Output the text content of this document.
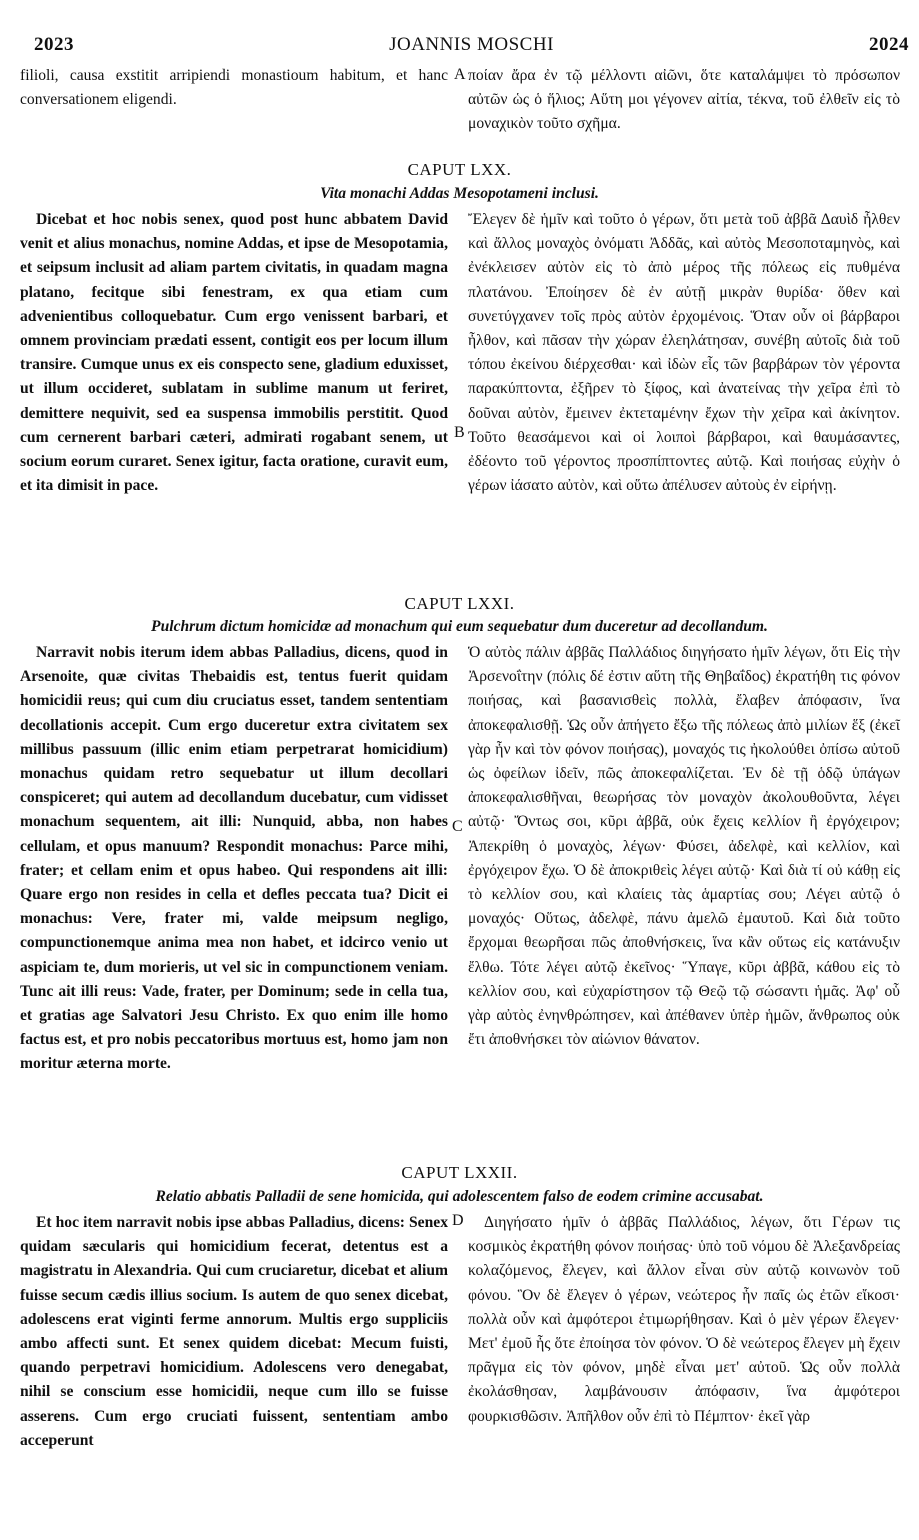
2023	JOANNIS MOSCHI	2024

filioli, causa exstitit arripiendi monastioum habitum, et hanc conversationem eligendi.

ποίαν ἄρα ἐν τῷ μέλλοντι αἰῶνι, ὅτε καταλάμψει τὸ πρόσωπον αὐτῶν ὡς ὁ ἥλιος; Αὕτη μοι γέγονεν αἰτία, τέκνα, τοῦ ἐλθεῖν εἰς τὸ μοναχικὸν τοῦτο σχῆμα.

A
CAPUT LXX.
Vita monachi Addas Mesopotameni inclusi.

Dicebat et hoc nobis senex, quod post hunc abbatem David venit et alius monachus, nomine Addas, et ipse de Mesopotamia, et seipsum inclusit ad aliam partem civitatis, in quadam magna platano, fecitque sibi fenestram, ex qua etiam cum advenientibus colloquebatur. Cum ergo venissent barbari, et omnem provinciam prædati essent, contigit eos per locum illum transire. Cumque unus ex eis conspecto sene, gladium eduxisset, ut illum occideret, sublatam in sublime manum ut feriret, demittere nequivit, sed ea suspensa immobilis perstitit. Quod cum cernerent barbari cæteri, admirati rogabant senem, ut socium eorum curaret. Senex igitur, facta oratione, curavit eum, et ita dimisit in pace.

Ἔλεγεν δὲ ἡμῖν καὶ τοῦτο ὁ γέρων, ὅτι μετὰ τοῦ ἀββᾶ Δαυὶδ ἦλθεν καὶ ἄλλος μοναχὸς ὀνόματι Ἀδδᾶς, καὶ αὐτὸς Μεσοποταμηνὸς, καὶ ἐνέκλεισεν αὐτὸν εἰς τὸ ἀπὸ μέρος τῆς πόλεως εἰς πυθμένα πλατάνου. Ἐποίησεν δὲ ἐν αὐτῇ μικρὰν θυρίδα· ὅθεν καὶ συνετύγχανεν τοῖς πρὸς αὐτὸν ἐρχομένοις. Ὅταν οὖν οἱ βάρβαροι ἦλθον, καὶ πᾶσαν τὴν χώραν ἐλεηλάτησαν, συνέβη αὐτοῖς διὰ τοῦ τόπου ἐκείνου διέρχεσθαι· καὶ ἰδὼν εἷς τῶν βαρβάρων τὸν γέροντα παρακύπτοντα, ἐξῆρεν τὸ ξίφος, καὶ ἀνατείνας τὴν χεῖρα ἐπὶ τὸ δοῦναι αὐτὸν, ἔμεινεν ἐκτεταμένην ἔχων τὴν χεῖρα καὶ ἀκίνητον. Τοῦτο θεασάμενοι καὶ οἱ λοιποὶ βάρβαροι, καὶ θαυμάσαντες, ἐδέοντο τοῦ γέροντος προσπίπτοντες αὐτῷ. Καὶ ποιήσας εὐχὴν ὁ γέρων ἰάσατο αὐτὸν, καὶ οὕτω ἀπέλυσεν αὐτοὺς ἐν εἰρήνῃ.

B
CAPUT LXXI.
Pulchrum dictum homicidæ ad monachum qui eum sequebatur dum duceretur ad decollandum.

Narravit nobis iterum idem abbas Palladius, dicens, quod in Arsenoite, quæ civitas Thebaidis est, tentus fuerit quidam homicidii reus; qui cum diu cruciatus esset, tandem sententiam decollationis accepit. Cum ergo duceretur extra civitatem sex millibus passuum (illic enim etiam perpetrarat homicidium) monachus quidam retro sequebatur ut illum decollari conspiceret; qui autem ad decollandum ducebatur, cum vidisset monachum sequentem, ait illi: Nunquid, abba, non habes cellulam, et opus manuum? Respondit monachus: Parce mihi, frater; et cellam enim et opus habeo. Qui respondens ait illi: Quare ergo non resides in cella et defles peccata tua? Dicit ei monachus: Vere, frater mi, valde meipsum negligo, compunctionemque anima mea non habet, et idcirco venio ut aspiciam te, dum morieris, ut vel sic in compunctionem veniam. Tunc ait illi reus: Vade, frater, per Dominum; sede in cella tua, et gratias age Salvatori Jesu Christo. Ex quo enim ille homo factus est, et pro nobis peccatoribus mortuus est, homo jam non moritur æterna morte.

Ὁ αὐτὸς πάλιν ἀββᾶς Παλλάδιος διηγήσατο ἡμῖν λέγων, ὅτι Εἰς τὴν Ἀρσενοΐτην (πόλις δέ ἐστιν αὕτη τῆς Θηβαΐδος) ἐκρατήθη τις φόνον ποιήσας, καὶ βασανισθεὶς πολλὰ, ἔλαβεν ἀπόφασιν, ἵνα ἀποκεφαλισθῇ. Ὡς οὖν ἀπήγετο ἔξω τῆς πόλεως ἀπὸ μιλίων ἕξ (ἐκεῖ γὰρ ἦν καὶ τὸν φόνον ποιήσας), μοναχός τις ἠκολούθει ὀπίσω αὐτοῦ ὡς ὀφείλων ἰδεῖν, πῶς ἀποκεφαλίζεται. Ἐν δὲ τῇ ὁδῷ ὑπάγων ἀποκεφαλισθῆναι, θεωρήσας τὸν μοναχὸν ἀκολουθοῦντα, λέγει αὐτῷ· Ὄντως σοι, κῦρι ἀββᾶ, οὐκ ἔχεις κελλίον ἢ ἐργόχειρον; Ἀπεκρίθη ὁ μοναχὸς, λέγων· Φύσει, ἀδελφὲ, καὶ κελλίον, καὶ ἐργόχειρον ἔχω. Ὁ δὲ ἀποκριθεὶς λέγει αὐτῷ· Καὶ διὰ τί οὐ κάθῃ εἰς τὸ κελλίον σου, καὶ κλαίεις τὰς ἁμαρτίας σου; Λέγει αὐτῷ ὁ μοναχός· Οὕτως, ἀδελφὲ, πάνυ ἀμελῶ ἐμαυτοῦ. Καὶ διὰ τοῦτο ἔρχομαι θεωρῆσαι πῶς ἀποθνήσκεις, ἵνα κἂν οὕτως εἰς κατάνυξιν ἔλθω. Τότε λέγει αὐτῷ ἐκεῖνος· Ὕπαγε, κῦρι ἀββᾶ, κάθου εἰς τὸ κελλίον σου, καὶ εὐχαρίστησον τῷ Θεῷ τῷ σώσαντι ἡμᾶς. Ἀφ' οὗ γὰρ αὐτὸς ἐνηνθρώπησεν, καὶ ἀπέθανεν ὑπὲρ ἡμῶν, ἄνθρωπος οὐκ ἔτι ἀποθνήσκει τὸν αἰώνιον θάνατον.

C
CAPUT LXXII.
Relatio abbatis Palladii de sene homicida, qui adolescentem falso de eodem crimine accusabat.

Et hoc item narravit nobis ipse abbas Palladius, dicens: Senex quidam sæcularis qui homicidium fecerat, detentus est a magistratu in Alexandria. Qui cum cruciaretur, dicebat et alium fuisse secum cædis illius socium. Is autem de quo senex dicebat, adolescens erat viginti ferme annorum. Multis ergo suppliciis ambo affecti sunt. Et senex quidem dicebat: Mecum fuisti, quando perpetravi homicidium. Adolescens vero denegabat, nihil se conscium esse homicidii, neque cum illo se fuisse asserens. Cum ergo cruciati fuissent, sententiam ambo acceperunt

Διηγήσατο ἡμῖν ὁ ἀββᾶς Παλλάδιος, λέγων, ὅτι Γέρων τις κοσμικὸς ἐκρατήθη φόνον ποιήσας· ὑπὸ τοῦ νόμου δὲ Ἀλεξανδρείας κολαζόμενος, ἔλεγεν, καὶ ἄλλον εἶναι σὺν αὐτῷ κοινωνὸν τοῦ φόνου. Ὃν δὲ ἔλεγεν ὁ γέρων, νεώτερος ἦν παῖς ὡς ἐτῶν εἴκοσι· πολλὰ οὖν καὶ ἀμφότεροι ἐτιμωρήθησαν. Καὶ ὁ μὲν γέρων ἔλεγεν· Μετ' ἐμοῦ ἦς ὅτε ἐποίησα τὸν φόνον. Ὁ δὲ νεώτερος ἔλεγεν μὴ ἔχειν πρᾶγμα εἰς τὸν φόνον, μηδὲ εἶναι μετ' αὐτοῦ. Ὡς οὖν πολλὰ ἐκολάσθησαν, λαμβάνουσιν ἀπόφασιν, ἵνα ἀμφότεροι φουρκισθῶσιν. Ἀπῆλθον οὖν ἐπὶ τὸ Πέμπτον· ἐκεῖ γὰρ

D
